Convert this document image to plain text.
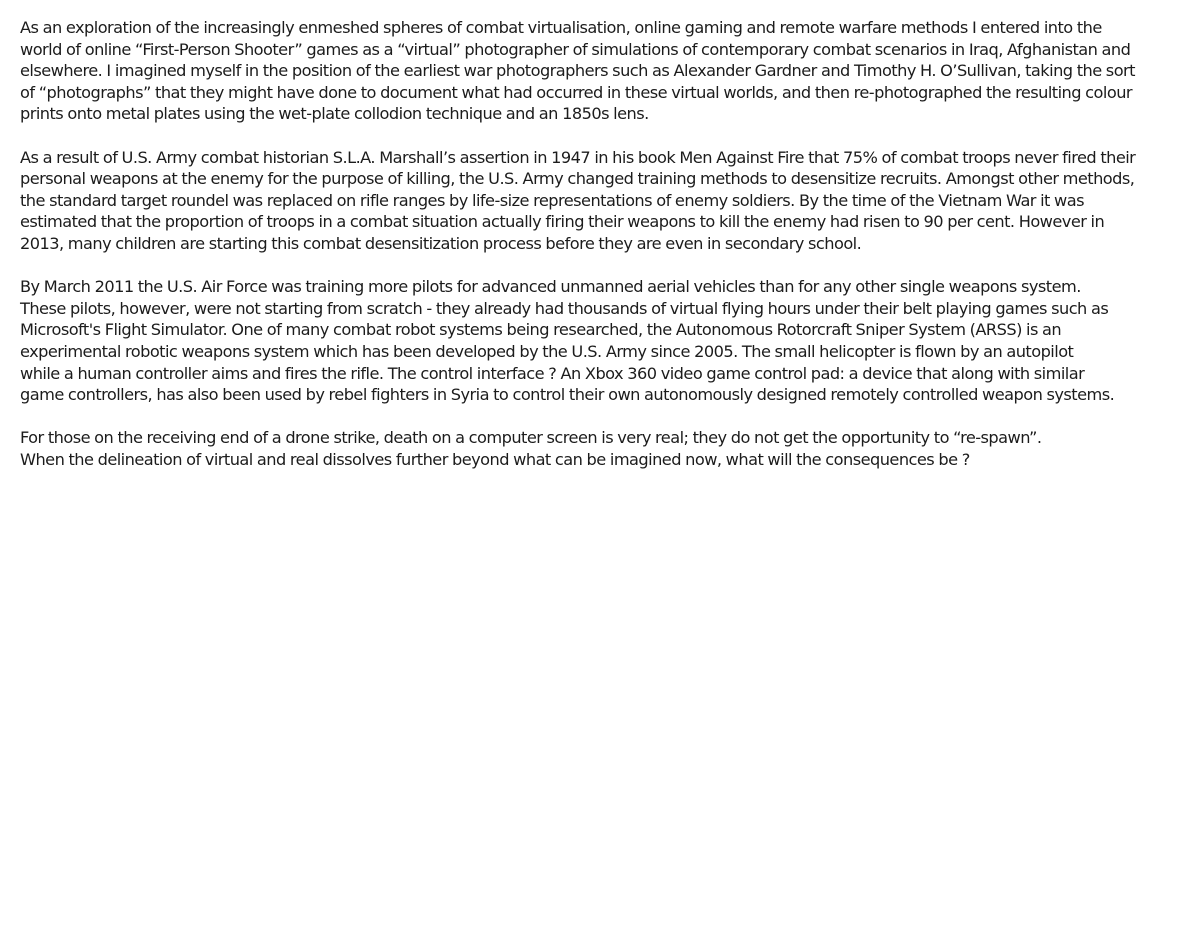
As an exploration of the increasingly enmeshed spheres of combat virtualisation, online gaming and remote warfare methods I entered into the
world of online “First-Person Shooter” games as a “virtual” photographer of simulations of contemporary combat scenarios in Iraq, Afghanistan and
elsewhere. I imagined myself in the position of the earliest war photographers such as Alexander Gardner and Timothy H. O’Sullivan, taking the sort
of “photographs” that they might have done to document what had occurred in these virtual worlds, and then re-photographed the resulting colour
prints onto metal plates using the wet-plate collodion technique and an 1850s lens.

As a result of U.S. Army combat historian S.L.A. Marshall’s assertion in 1947 in his book Men Against Fire that 75% of combat troops never fired their
personal weapons at the enemy for the purpose of killing, the U.S. Army changed training methods to desensitize recruits. Amongst other methods,
the standard target roundel was replaced on rifle ranges by life-size representations of enemy soldiers. By the time of the Vietnam War it was
estimated that the proportion of troops in a combat situation actually firing their weapons to kill the enemy had risen to 90 per cent. However in
2013, many children are starting this combat desensitization process before they are even in secondary school.

By March 2011 the U.S. Air Force was training more pilots for advanced unmanned aerial vehicles than for any other single weapons system.
These pilots, however, were not starting from scratch - they already had thousands of virtual flying hours under their belt playing games such as
Microsoft's Flight Simulator. One of many combat robot systems being researched, the Autonomous Rotorcraft Sniper System (ARSS) is an
experimental robotic weapons system which has been developed by the U.S. Army since 2005. The small helicopter is flown by an autopilot
while a human controller aims and fires the rifle. The control interface ? An Xbox 360 video game control pad: a device that along with similar
game controllers, has also been used by rebel fighters in Syria to control their own autonomously designed remotely controlled weapon systems.

For those on the receiving end of a drone strike, death on a computer screen is very real; they do not get the opportunity to “re-spawn”.
When the delineation of virtual and real dissolves further beyond what can be imagined now, what will the consequences be ?
